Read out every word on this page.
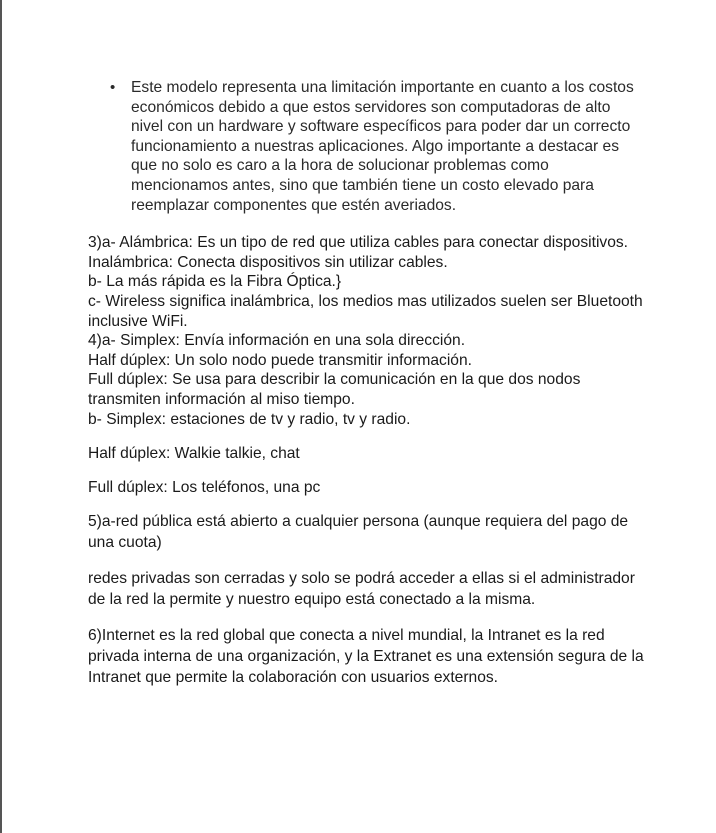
• Este modelo representa una limitación importante en cuanto a los costos económicos debido a que estos servidores son computadoras de alto nivel con un hardware y software específicos para poder dar un correcto funcionamiento a nuestras aplicaciones. Algo importante a destacar es que no solo es caro a la hora de solucionar problemas como mencionamos antes, sino que también tiene un costo elevado para reemplazar componentes que estén averiados.

3)a- Alámbrica: Es un tipo de red que utiliza cables para conectar dispositivos.

Inalámbrica: Conecta dispositivos sin utilizar cables.

b- La más rápida es la Fibra Óptica.}

c- Wireless significa inalámbrica, los medios mas utilizados suelen ser Bluetooth inclusive WiFi.

4)a- Simplex: Envía información en una sola dirección.

Half dúplex: Un solo nodo puede transmitir información.

Full dúplex: Se usa para describir la comunicación en la que dos nodos transmiten información al miso tiempo.

b- Simplex: estaciones de tv y radio, tv y radio.

Half dúplex: Walkie talkie, chat

Full dúplex: Los teléfonos, una pc

5)a-red pública está abierto a cualquier persona (aunque requiera del pago de una cuota)

redes privadas son cerradas y solo se podrá acceder a ellas si el administrador de la red la permite y nuestro equipo está conectado a la misma.

6)Internet es la red global que conecta a nivel mundial, la Intranet es la red privada interna de una organización, y la Extranet es una extensión segura de la Intranet que permite la colaboración con usuarios externos.
